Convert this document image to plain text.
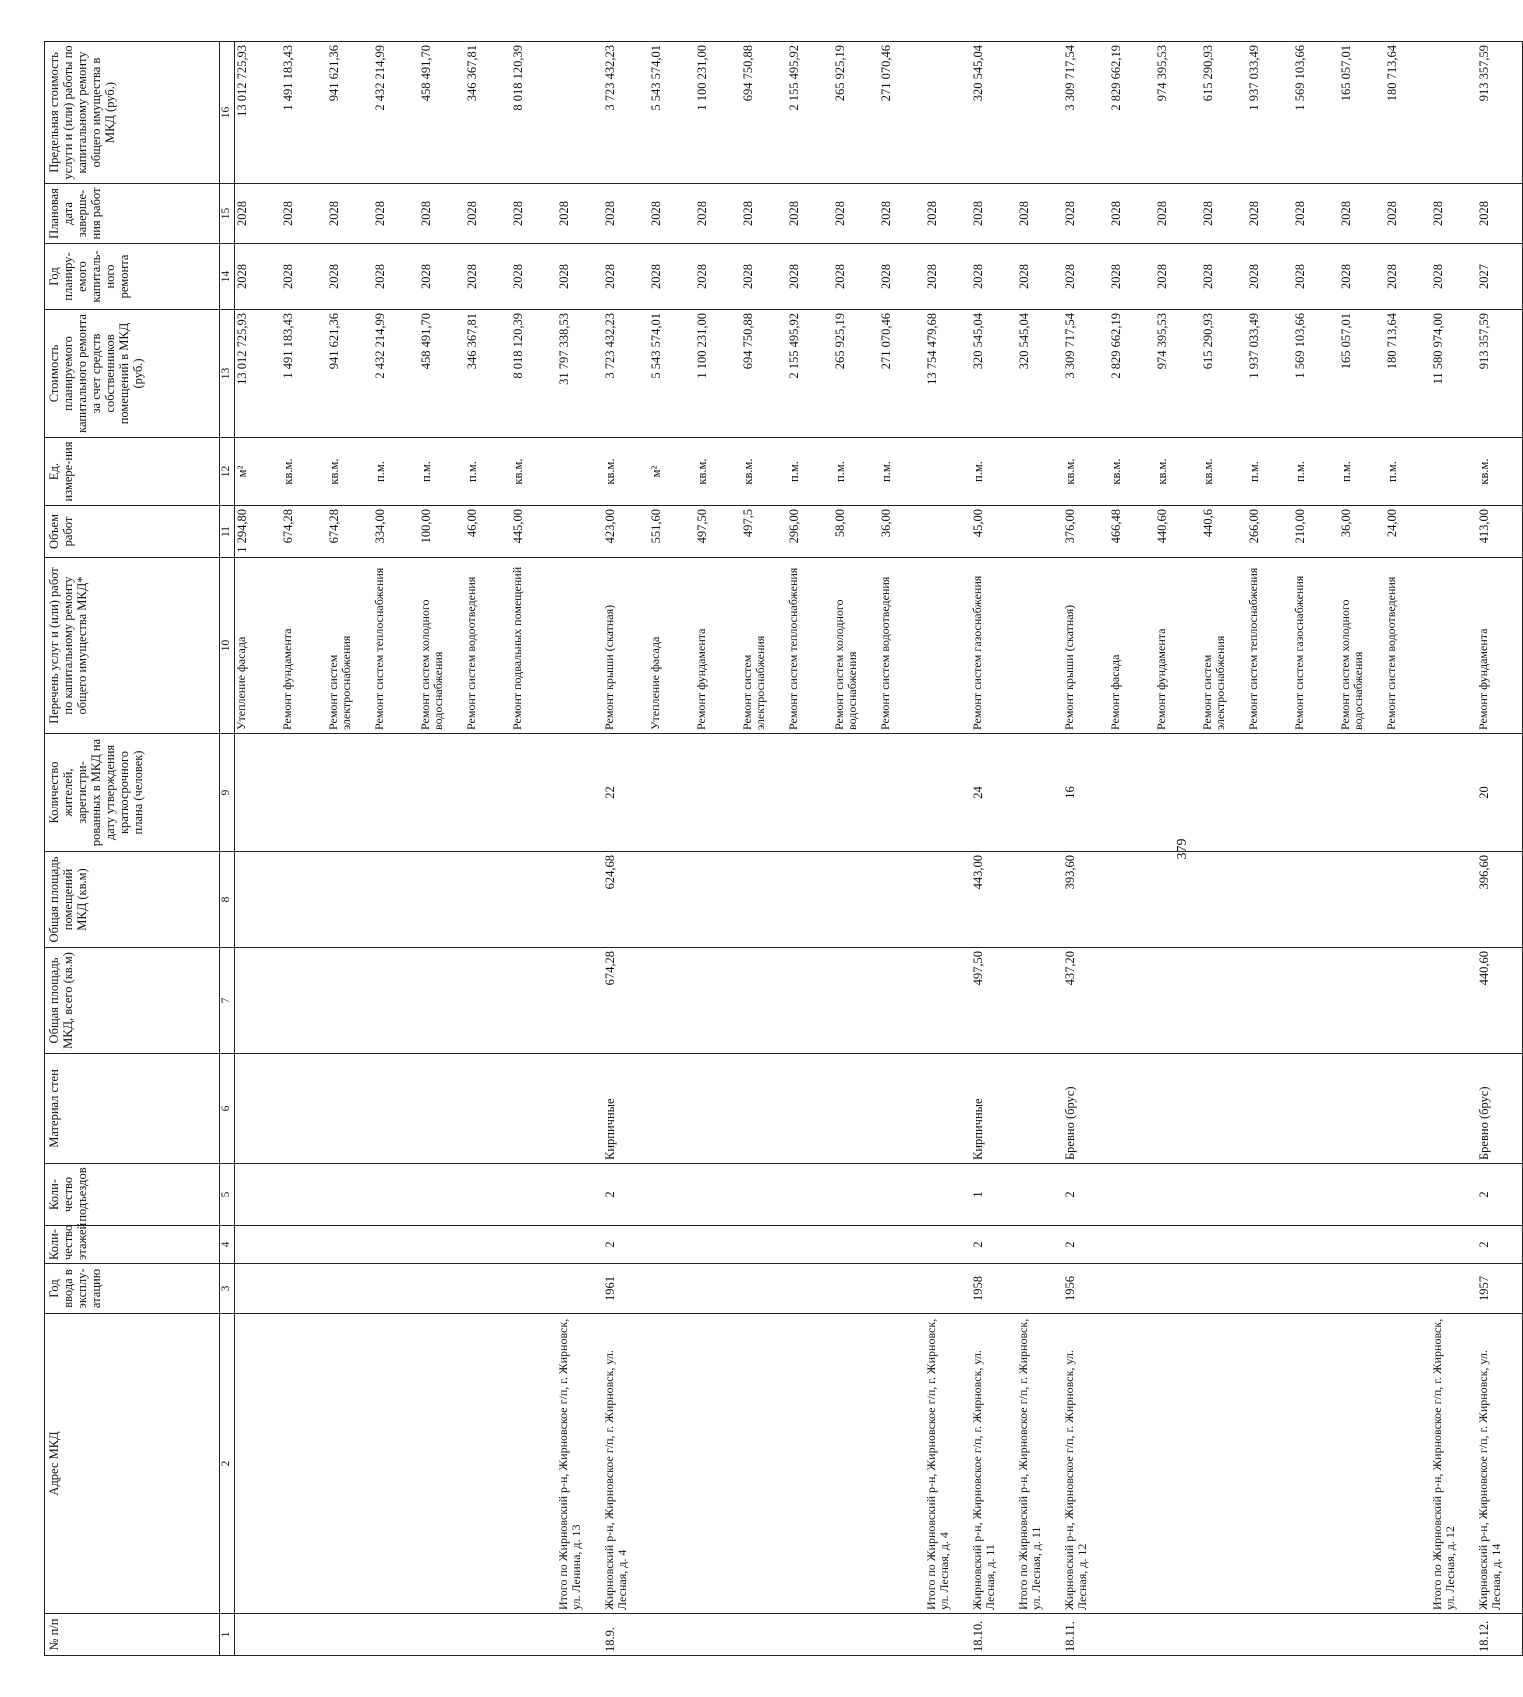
379
№ п/п	Адрес МКД	Год ввода в эксплу-атацию	Коли-чество этажей	Коли-чество подъездов	Материал стен	Общая площадь МКД, всего (кв.м)	Общая площадь помещений МКД (кв.м)	Количество жителей, зарегистри-рованных в МКД на дату утверждения краткосрочного плана (человек)	Перечень услуг и (или) работ по капитальному ремонту общего имущества МКД*	Объем работ	Ед. измере-ния	Стоимость планируемого капитального ремонта за счет средств собственников помещений в МКД (руб.)	Год планиру-емого капиталь-ного ремонта	Плановая дата заверше-ния работ	Предельная стоимость услуги и (или) работы по капитальному ремонту общего имущества в МКД (руб.)
1	2	3	4	5	6	7	8	9	10	11	12	13	14	15	16
									Утепление фасада	1 294,80	м²	13 012 725,93	2028	2028	13 012 725,93
									Ремонт фундамента	674,28	кв.м.	1 491 183,43	2028	2028	1 491 183,43
									Ремонт систем электроснабжения	674,28	кв.м.	941 621,36	2028	2028	941 621,36
									Ремонт систем теплоснабжения	334,00	п.м.	2 432 214,99	2028	2028	2 432 214,99
									Ремонт систем холодного водоснабжения	100,00	п.м.	458 491,70	2028	2028	458 491,70
									Ремонт систем водоотведения	46,00	п.м.	346 367,81	2028	2028	346 367,81
									Ремонт подвальных помещений	445,00	кв.м.	8 018 120,39	2028	2028	8 018 120,39
	Итого по Жирновский р-н, Жирновское г/п, г. Жирновск, ул. Ленина, д. 13											31 797 338,53	2028	2028	
18.9.	Жирновский р-н, Жирновское г/п, г. Жирновск, ул. Лесная, д. 4	1961	2	2	Кирпичные	674,28	624,68	22	Ремонт крыши (скатная)	423,00	кв.м.	3 723 432,23	2028	2028	3 723 432,23
									Утепление фасада	551,60	м²	5 543 574,01	2028	2028	5 543 574,01
									Ремонт фундамента	497,50	кв.м.	1 100 231,00	2028	2028	1 100 231,00
									Ремонт систем электроснабжения	497,5	кв.м.	694 750,88	2028	2028	694 750,88
									Ремонт систем теплоснабжения	296,00	п.м.	2 155 495,92	2028	2028	2 155 495,92
									Ремонт систем холодного водоснабжения	58,00	п.м.	265 925,19	2028	2028	265 925,19
									Ремонт систем водоотведения	36,00	п.м.	271 070,46	2028	2028	271 070,46
	Итого по Жирновский р-н, Жирновское г/п, г. Жирновск, ул. Лесная, д. 4											13 754 479,68	2028	2028	
18.10.	Жирновский р-н, Жирновское г/п, г. Жирновск, ул. Лесная, д. 11	1958	2	1	Кирпичные	497,50	443,00	24	Ремонт систем газоснабжения	45,00	п.м.	320 545,04	2028	2028	320 545,04
	Итого по Жирновский р-н, Жирновское г/п, г. Жирновск, ул. Лесная, д. 11											320 545,04	2028	2028	
18.11.	Жирновский р-н, Жирновское г/п, г. Жирновск, ул. Лесная, д. 12	1956	2	2	Бревно (брус)	437,20	393,60	16	Ремонт крыши (скатная)	376,00	кв.м.	3 309 717,54	2028	2028	3 309 717,54
									Ремонт фасада	466,48	кв.м.	2 829 662,19	2028	2028	2 829 662,19
									Ремонт фундамента	440,60	кв.м.	974 395,53	2028	2028	974 395,53
									Ремонт систем электроснабжения	440,6	кв.м.	615 290,93	2028	2028	615 290,93
									Ремонт систем теплоснабжения	266,00	п.м.	1 937 033,49	2028	2028	1 937 033,49
									Ремонт систем газоснабжения	210,00	п.м.	1 569 103,66	2028	2028	1 569 103,66
									Ремонт систем холодного водоснабжения	36,00	п.м.	165 057,01	2028	2028	165 057,01
									Ремонт систем водоотведения	24,00	п.м.	180 713,64	2028	2028	180 713,64
	Итого по Жирновский р-н, Жирновское г/п, г. Жирновск, ул. Лесная, д. 12											11 580 974,00	2028	2028	
18.12.	Жирновский р-н, Жирновское г/п, г. Жирновск, ул. Лесная, д. 14	1957	2	2	Бревно (брус)	440,60	396,60	20	Ремонт фундамента	413,00	кв.м.	913 357,59	2027	2028	913 357,59
